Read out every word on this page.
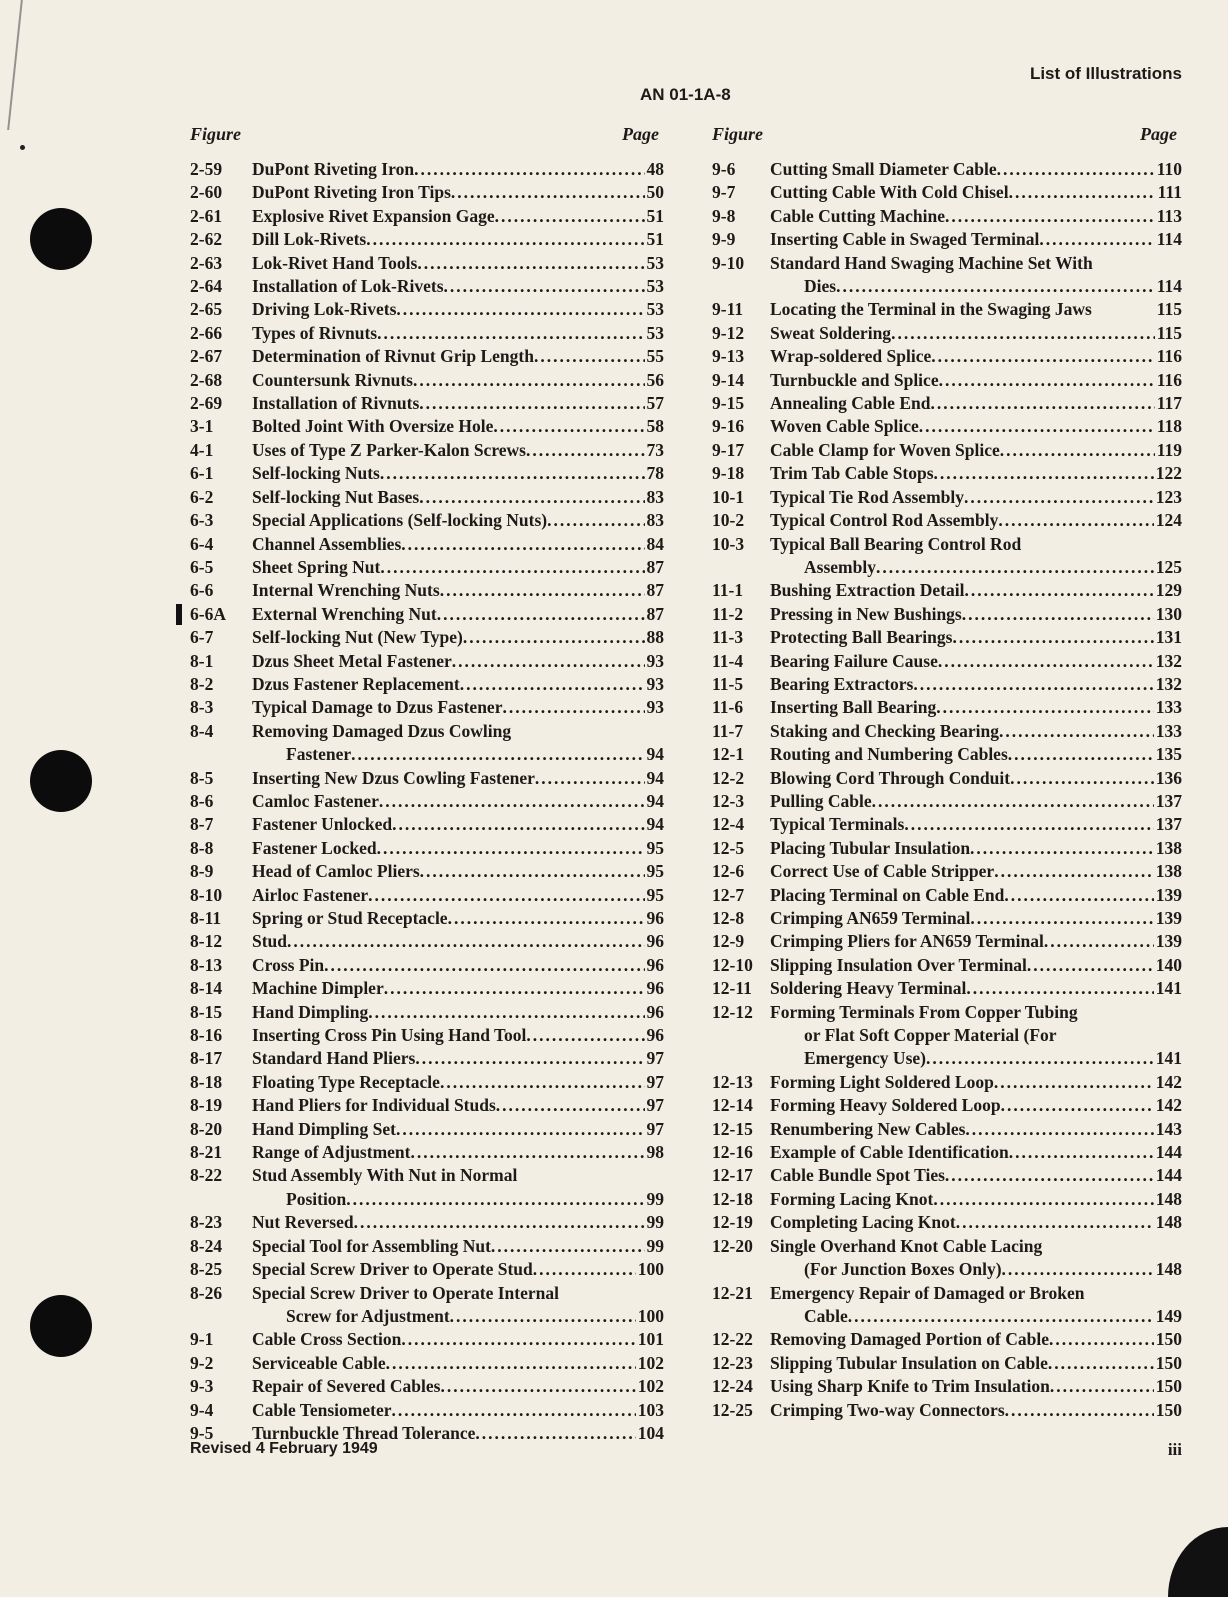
List of Illustrations
AN 01-1A-8
Figure	Page	Figure	Page
2-59	DuPont Riveting Iron .....	48
2-60	DuPont Riveting Iron Tips .....	50
2-61	Explosive Rivet Expansion Gage .....	51
2-62	Dill Lok-Rivets .....	51
2-63	Lok-Rivet Hand Tools .....	53
2-64	Installation of Lok-Rivets .....	53
2-65	Driving Lok-Rivets .....	53
2-66	Types of Rivnuts .....	53
2-67	Determination of Rivnut Grip Length .....	55
2-68	Countersunk Rivnuts .....	56
2-69	Installation of Rivnuts .....	57
3-1	Bolted Joint With Oversize Hole .....	58
4-1	Uses of Type Z Parker-Kalon Screws .....	73
6-1	Self-locking Nuts .....	78
6-2	Self-locking Nut Bases .....	83
6-3	Special Applications (Self-locking Nuts) .....	83
6-4	Channel Assemblies .....	84
6-5	Sheet Spring Nut .....	87
6-6	Internal Wrenching Nuts .....	87
6-6A	External Wrenching Nut .....	87
6-7	Self-locking Nut (New Type) .....	88
8-1	Dzus Sheet Metal Fastener .....	93
8-2	Dzus Fastener Replacement .....	93
8-3	Typical Damage to Dzus Fastener .....	93
8-4	Removing Damaged Dzus Cowling
Fastener .....	94
8-5	Inserting New Dzus Cowling Fastener .....	94
8-6	Camloc Fastener .....	94
8-7	Fastener Unlocked .....	94
8-8	Fastener Locked .....	95
8-9	Head of Camloc Pliers .....	95
8-10	Airloc Fastener .....	95
8-11	Spring or Stud Receptacle .....	96
8-12	Stud .....	96
8-13	Cross Pin .....	96
8-14	Machine Dimpler .....	96
8-15	Hand Dimpling .....	96
8-16	Inserting Cross Pin Using Hand Tool .....	96
8-17	Standard Hand Pliers .....	97
8-18	Floating Type Receptacle .....	97
8-19	Hand Pliers for Individual Studs .....	97
8-20	Hand Dimpling Set .....	97
8-21	Range of Adjustment .....	98
8-22	Stud Assembly With Nut in Normal
Position .....	99
8-23	Nut Reversed .....	99
8-24	Special Tool for Assembling Nut .....	99
8-25	Special Screw Driver to Operate Stud .....	100
8-26	Special Screw Driver to Operate Internal
Screw for Adjustment .....	100
9-1	Cable Cross Section .....	101
9-2	Serviceable Cable .....	102
9-3	Repair of Severed Cables .....	102
9-4	Cable Tensiometer .....	103
9-5	Turnbuckle Thread Tolerance .....	104
9-6	Cutting Small Diameter Cable .....	110
9-7	Cutting Cable With Cold Chisel .....	111
9-8	Cable Cutting Machine .....	113
9-9	Inserting Cable in Swaged Terminal .....	114
9-10	Standard Hand Swaging Machine Set With
Dies .....	114
9-11	Locating the Terminal in the Swaging Jaws	115
9-12	Sweat Soldering .....	115
9-13	Wrap-soldered Splice .....	116
9-14	Turnbuckle and Splice .....	116
9-15	Annealing Cable End .....	117
9-16	Woven Cable Splice .....	118
9-17	Cable Clamp for Woven Splice .....	119
9-18	Trim Tab Cable Stops .....	122
10-1	Typical Tie Rod Assembly .....	123
10-2	Typical Control Rod Assembly .....	124
10-3	Typical Ball Bearing Control Rod
Assembly .....	125
11-1	Bushing Extraction Detail .....	129
11-2	Pressing in New Bushings .....	130
11-3	Protecting Ball Bearings .....	131
11-4	Bearing Failure Cause .....	132
11-5	Bearing Extractors .....	132
11-6	Inserting Ball Bearing .....	133
11-7	Staking and Checking Bearing .....	133
12-1	Routing and Numbering Cables .....	135
12-2	Blowing Cord Through Conduit .....	136
12-3	Pulling Cable .....	137
12-4	Typical Terminals .....	137
12-5	Placing Tubular Insulation .....	138
12-6	Correct Use of Cable Stripper .....	138
12-7	Placing Terminal on Cable End .....	139
12-8	Crimping AN659 Terminal .....	139
12-9	Crimping Pliers for AN659 Terminal .....	139
12-10 Slipping Insulation Over Terminal .....	140
12-11	Soldering Heavy Terminal .....	141
12-12 Forming Terminals From Copper Tubing
or Flat Soft Copper Material (For
Emergency Use) .....	141
12-13 Forming Light Soldered Loop .....	142
12-14 Forming Heavy Soldered Loop .....	142
12-15 Renumbering New Cables .....	143
12-16 Example of Cable Identification .....	144
12-17 Cable Bundle Spot Ties .....	144
12-18 Forming Lacing Knot .....	148
12-19 Completing Lacing Knot .....	148
12-20 Single Overhand Knot Cable Lacing
(For Junction Boxes Only) .....	148
12-21 Emergency Repair of Damaged or Broken
Cable .....	149
12-22 Removing Damaged Portion of Cable .....	150
12-23 Slipping Tubular Insulation on Cable .....	150
12-24 Using Sharp Knife to Trim Insulation .....	150
12-25 Crimping Two-way Connectors .....	150
Revised 4 February 1949	iii
